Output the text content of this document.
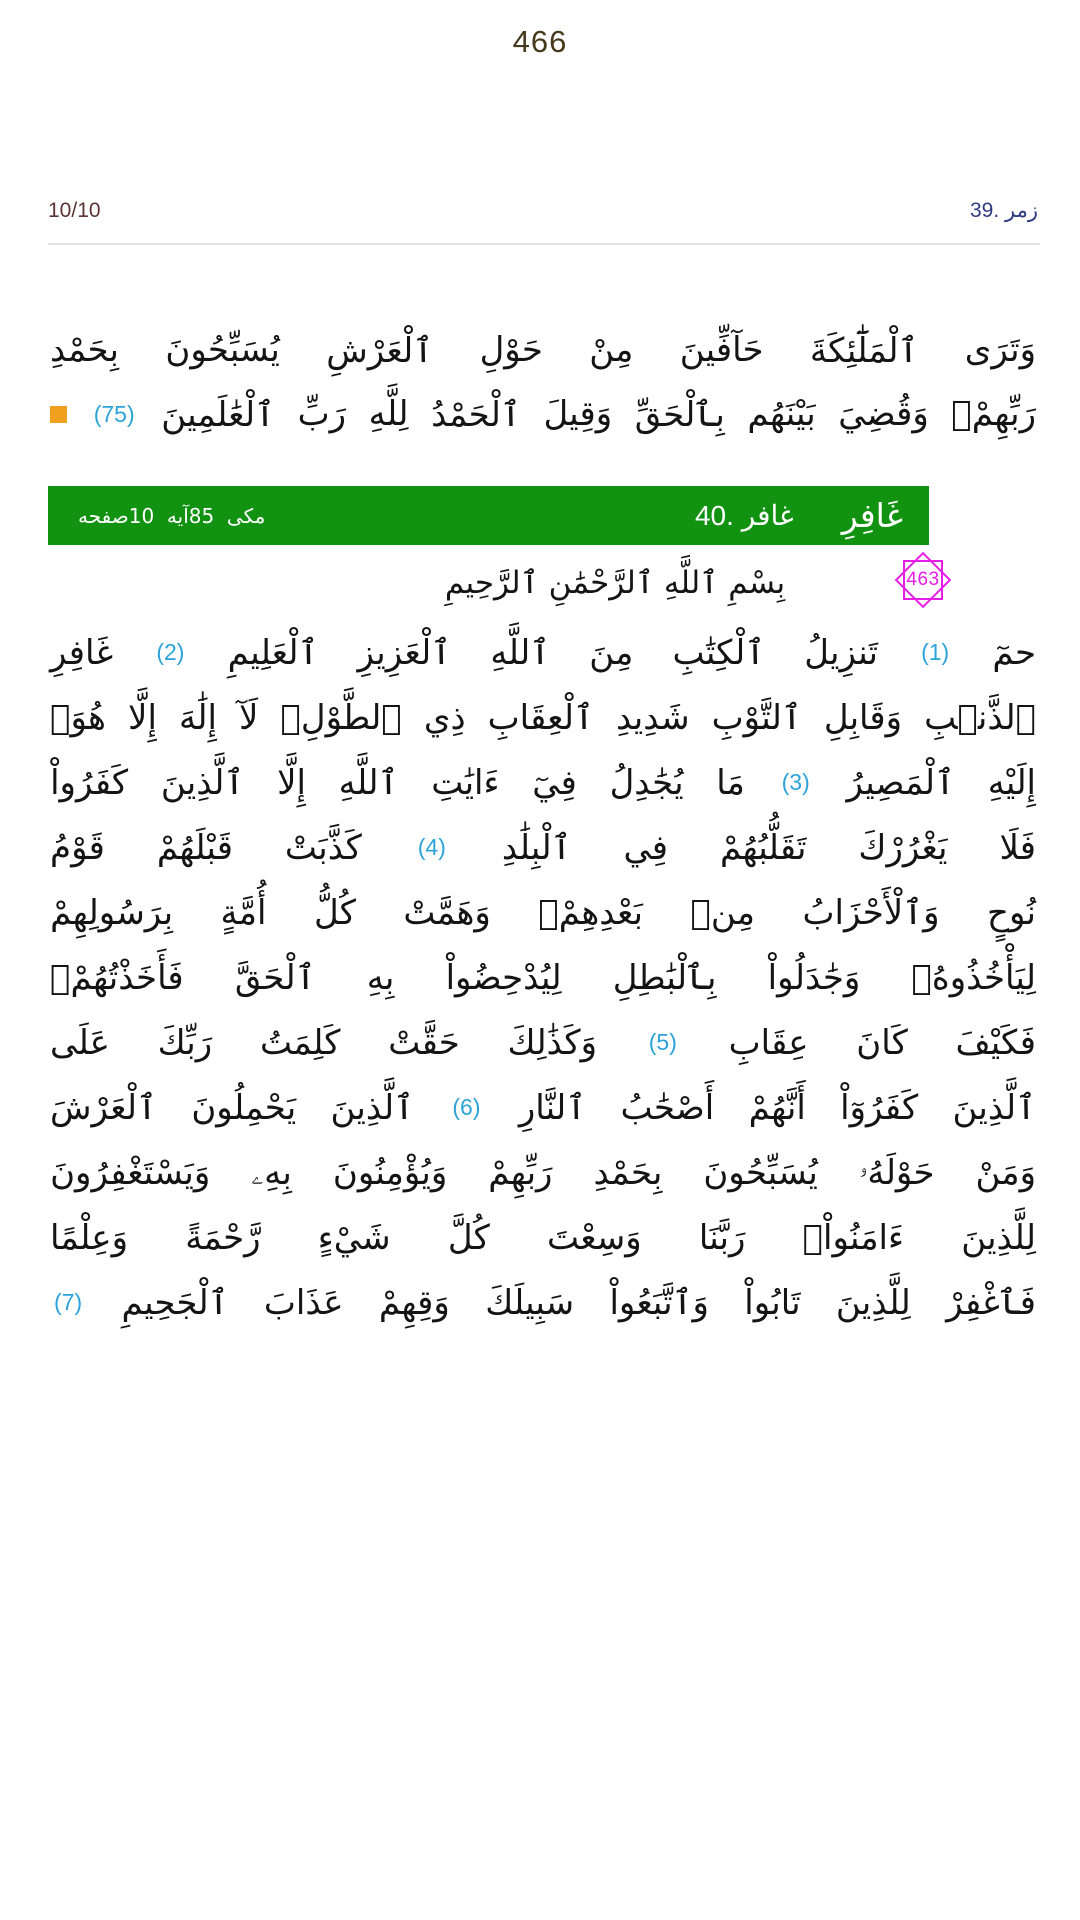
466
10/10	39. زمر
وَتَرَى
ٱلْمَلَٰٓئِكَةَ
حَآفِّينَ
مِنْ
حَوْلِ
ٱلْعَرْشِ
يُسَبِّحُونَ
بِحَمْدِ
رَبِّهِمْۖ
وَقُضِيَ
بَيْنَهُم
بِٱلْحَقِّ
وَقِيلَ
ٱلْحَمْدُ
لِلَّهِ
رَبِّ
ٱلْعَٰلَمِينَ
(75)
مکی  85آیه  10صفحه	40. غافر غَافِرِ
بِسْمِ ٱللَّهِ ٱلرَّحْمَٰنِ ٱلرَّحِيمِ	463
حمٓ
(1)
تَنزِيلُ
ٱلْكِتَٰبِ
مِنَ
ٱللَّهِ
ٱلْعَزِيزِ
ٱلْعَلِيمِ
(2)
غَافِرِ
ٱلذَّنۢبِ
وَقَابِلِ
ٱلتَّوْبِ
شَدِيدِ
ٱلْعِقَابِ
ذِي
ٱلطَّوْلِۖ
لَآ
إِلَٰهَ
إِلَّا
هُوَۖ
إِلَيْهِ
ٱلْمَصِيرُ
(3)
مَا
يُجَٰدِلُ
فِيٓ
ءَايَٰتِ
ٱللَّهِ
إِلَّا
ٱلَّذِينَ
كَفَرُواْ
فَلَا
يَغْرُرْكَ
تَقَلُّبُهُمْ
فِي
ٱلْبِلَٰدِ
(4)
كَذَّبَتْ
قَبْلَهُمْ
قَوْمُ
نُوحٍ
وَٱلْأَحْزَابُ
مِنۢ
بَعْدِهِمْۖ
وَهَمَّتْ
كُلُّ
أُمَّةٍ
بِرَسُولِهِمْ
لِيَأْخُذُوهُۖ
وَجَٰدَلُواْ
بِٱلْبَٰطِلِ
لِيُدْحِضُواْ
بِهِ
ٱلْحَقَّ
فَأَخَذْتُهُمْۖ
فَكَيْفَ
كَانَ
عِقَابِ
(5)
وَكَذَٰلِكَ
حَقَّتْ
كَلِمَتُ
رَبِّكَ
عَلَى
ٱلَّذِينَ
كَفَرُوٓاْ
أَنَّهُمْ
أَصْحَٰبُ
ٱلنَّارِ
(6)
ٱلَّذِينَ
يَحْمِلُونَ
ٱلْعَرْشَ
وَمَنْ
حَوْلَهُۥ
يُسَبِّحُونَ
بِحَمْدِ
رَبِّهِمْ
وَيُؤْمِنُونَ
بِهِۦ
وَيَسْتَغْفِرُونَ
لِلَّذِينَ
ءَامَنُواْۖ
رَبَّنَا
وَسِعْتَ
كُلَّ
شَيْءٍ
رَّحْمَةً
وَعِلْمًا
فَٱغْفِرْ
لِلَّذِينَ
تَابُواْ
وَٱتَّبَعُواْ
سَبِيلَكَ
وَقِهِمْ
عَذَابَ
ٱلْجَحِيمِ
(7)
